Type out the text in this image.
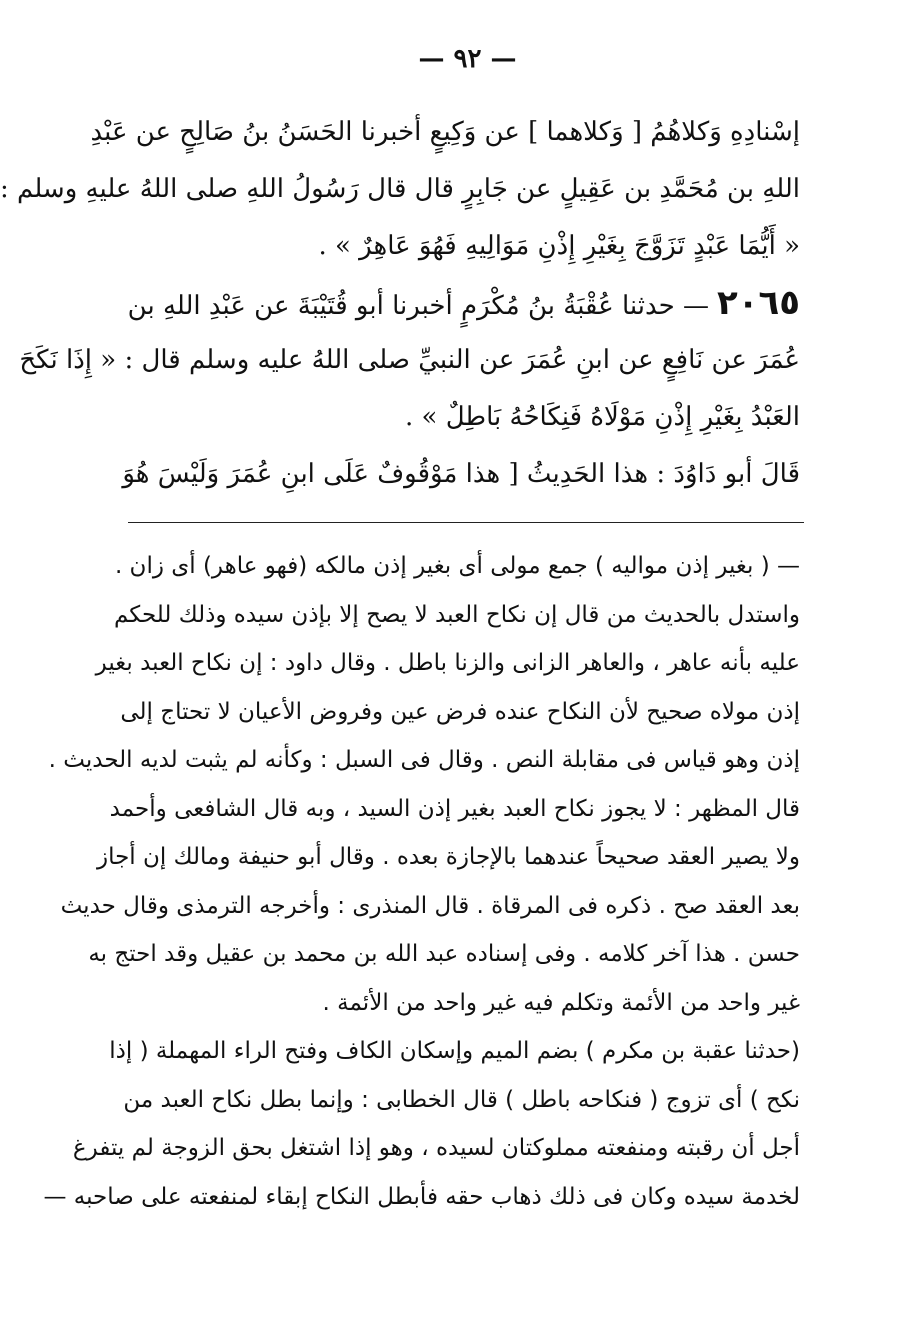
— ٩٢ —
إسْنادِهِ وَكلاهُمُ [ وَكلاهما ] عن وَكِيعٍ أخبرنا الحَسَنُ بنُ صَالِحٍ عن عَبْدِ
اللهِ بن مُحَمَّدِ بن عَقِيلٍ عن جَابِرٍ قال قال رَسُولُ اللهِ صلى اللهُ عليهِ وسلم :
« أَيُّمَا عَبْدٍ تَزَوَّجَ بِغَيْرِ إِذْنِ مَوَالِيهِ فَهُوَ عَاهِرٌ » .
٢٠٦٥— حدثنا عُقْبَةُ بنُ مُكْرَمٍ أخبرنا أبو قُتَيْبَةَ عن عَبْدِ اللهِ بن
عُمَرَ عن نَافِعٍ عن ابنِ عُمَرَ عن النبيِّ صلى اللهُ عليه وسلم قال : « إِذَا نَكَحَ
العَبْدُ بِغَيْرِ إِذْنِ مَوْلَاهُ فَنِكَاحُهُ بَاطِلٌ » .
قَالَ أبو دَاوُدَ : هذا الحَدِيثُ [ هذا مَوْقُوفٌ عَلَى ابنِ عُمَرَ وَلَيْسَ هُوَ
— ( بغير إذن مواليه ) جمع مولى أى بغير إذن مالكه (فهو عاهر) أى زان .
واستدل بالحديث من قال إن نكاح العبد لا يصح إلا بإذن سيده وذلك للحكم
عليه بأنه عاهر ، والعاهر الزانى والزنا باطل . وقال داود : إن نكاح العبد بغير
إذن مولاه صحيح لأن النكاح عنده فرض عين وفروض الأعيان لا تحتاج إلى
إذن وهو قياس فى مقابلة النص . وقال فى السبل : وكأنه لم يثبت لديه الحديث .
قال المظهر : لا يجوز نكاح العبد بغير إذن السيد ، وبه قال الشافعى وأحمد
ولا يصير العقد صحيحاً عندهما بالإجازة بعده . وقال أبو حنيفة ومالك إن أجاز
بعد العقد صح . ذكره فى المرقاة . قال المنذرى : وأخرجه الترمذى وقال حديث
حسن . هذا آخر كلامه . وفى إسناده عبد الله بن محمد بن عقيل وقد احتج به
غير واحد من الأئمة وتكلم فيه غير واحد من الأئمة .
(حدثنا عقبة بن مكرم ) بضم الميم وإسكان الكاف وفتح الراء المهملة ( إذا
نكح ) أى تزوج ( فنكاحه باطل ) قال الخطابى : وإنما بطل نكاح العبد من
أجل أن رقبته ومنفعته مملوكتان لسيده ، وهو إذا اشتغل بحق الزوجة لم يتفرغ
لخدمة سيده وكان فى ذلك ذهاب حقه فأبطل النكاح إبقاء لمنفعته على صاحبه —
